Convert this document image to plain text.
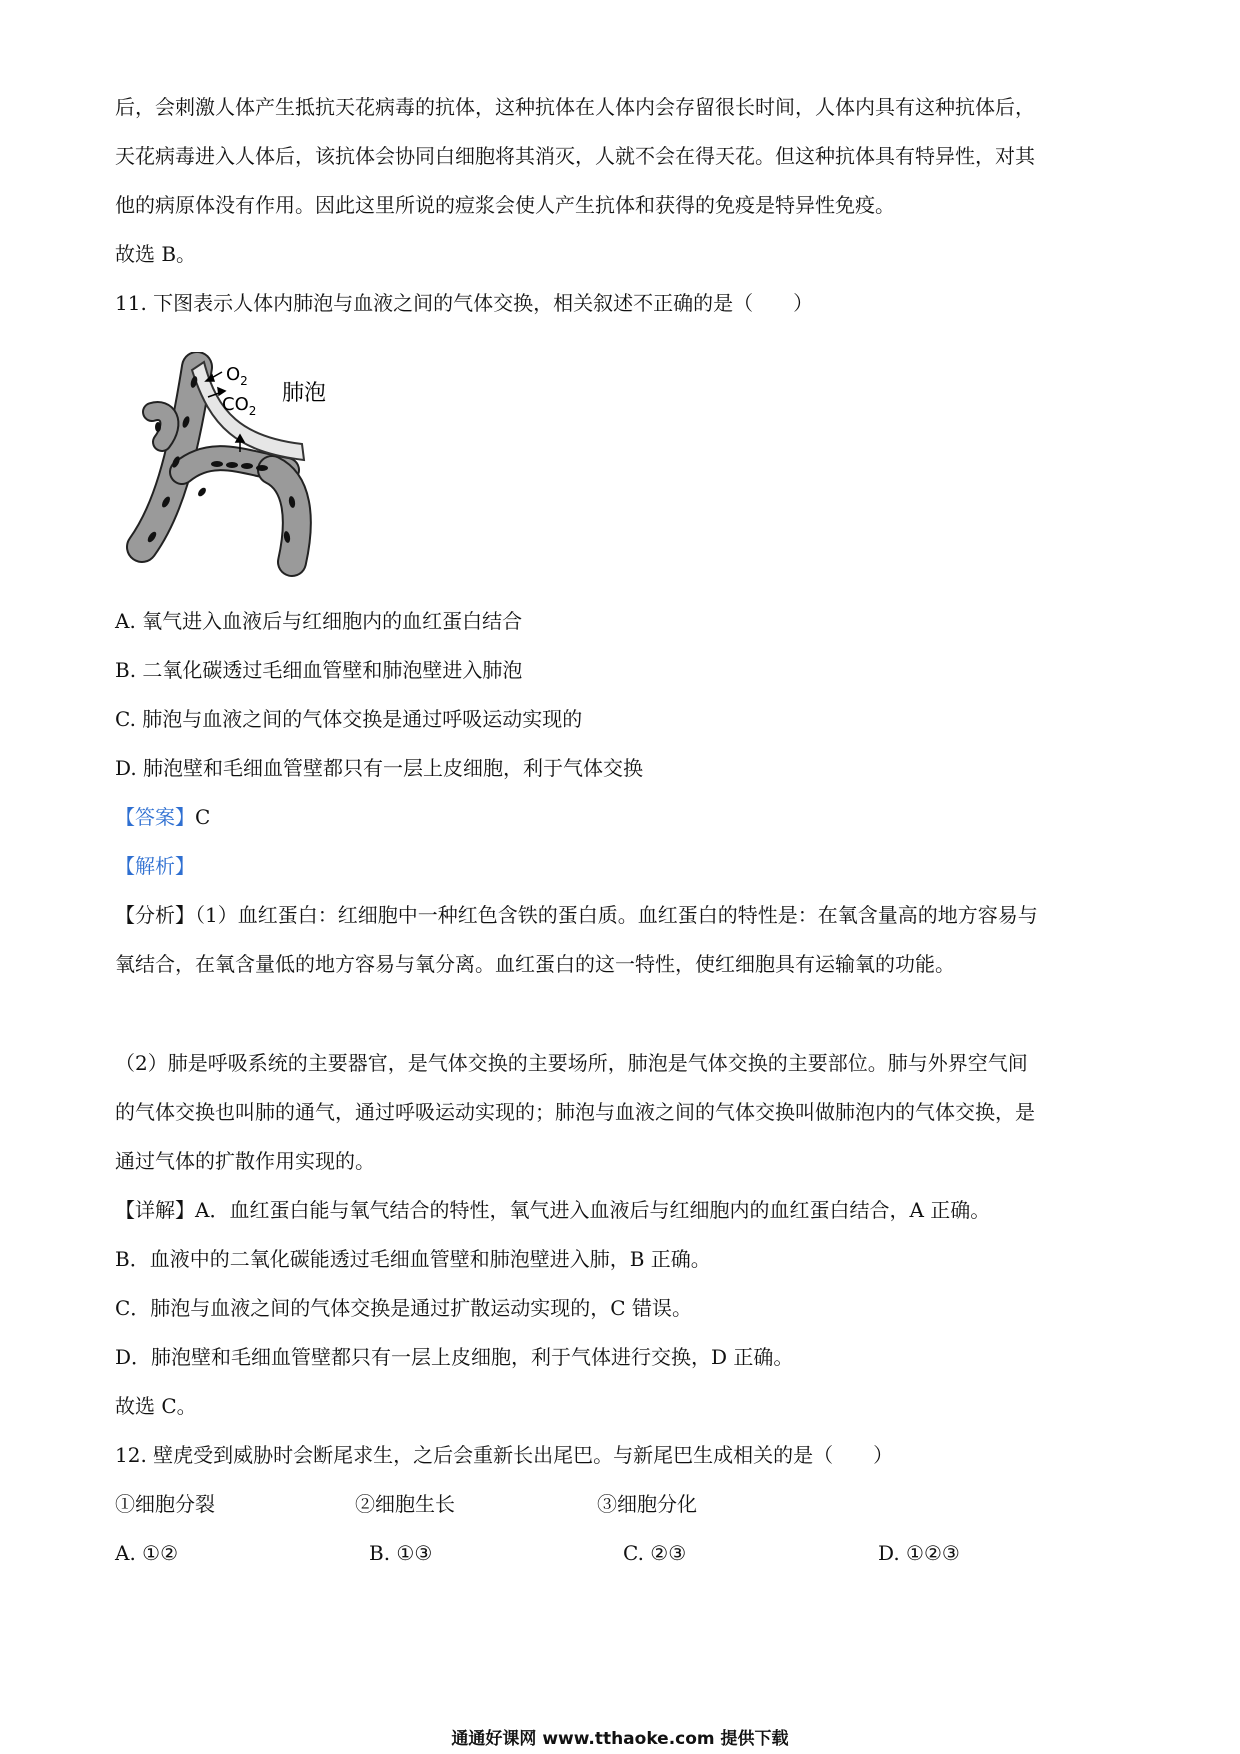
后，会刺激人体产生抵抗天花病毒的抗体，这种抗体在人体内会存留很长时间，人体内具有这种抗体后，
天花病毒进入人体后，该抗体会协同白细胞将其消灭，人就不会在得天花。但这种抗体具有特异性，对其
他的病原体没有作用。因此这里所说的痘浆会使人产生抗体和获得的免疫是特异性免疫。
故选 B。
11. 下图表示人体内肺泡与血液之间的气体交换，相关叙述不正确的是（　　）
$O_2$
$CO_2$
肺泡
A. 氧气进入血液后与红细胞内的血红蛋白结合
B. 二氧化碳透过毛细血管壁和肺泡壁进入肺泡
C. 肺泡与血液之间的气体交换是通过呼吸运动实现的
D. 肺泡壁和毛细血管壁都只有一层上皮细胞，利于气体交换
【答案】C
【解析】
【分析】（1）血红蛋白：红细胞中一种红色含铁的蛋白质。血红蛋白的特性是：在氧含量高的地方容易与
氧结合，在氧含量低的地方容易与氧分离。血红蛋白的这一特性，使红细胞具有运输氧的功能。
（2）肺是呼吸系统的主要器官，是气体交换的主要场所，肺泡是气体交换的主要部位。肺与外界空气间
的气体交换也叫肺的通气，通过呼吸运动实现的；肺泡与血液之间的气体交换叫做肺泡内的气体交换，是
通过气体的扩散作用实现的。
【详解】A．血红蛋白能与氧气结合的特性，氧气进入血液后与红细胞内的血红蛋白结合，A 正确。
B．血液中的二氧化碳能透过毛细血管壁和肺泡壁进入肺，B 正确。
C．肺泡与血液之间的气体交换是通过扩散运动实现的，C 错误。
D．肺泡壁和毛细血管壁都只有一层上皮细胞，利于气体进行交换，D 正确。
故选 C。
12. 壁虎受到威胁时会断尾求生，之后会重新长出尾巴。与新尾巴生成相关的是（　　）
①细胞分裂	②细胞生长	③细胞分化
A. ①②	B. ①③	C. ②③	D. ①②③
通通好课网 www.tthaoke.com 提供下载
